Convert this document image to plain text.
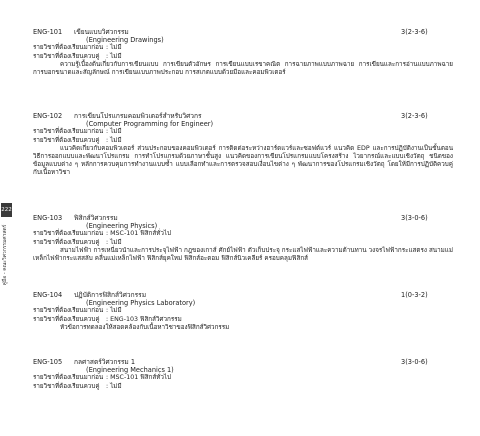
222
คู่มือ - คณะวิศวกรรมศาสตร์
ENG-101	เขียนแบบวิศวกรรม
(Engineering Drawings)
3(2-3-6)
รายวิชาที่ต้องเรียนมาก่อน : ไม่มี
รายวิชาที่ต้องเรียนควบคู่ : ไม่มี
ความรู้เบื้องต้นเกี่ยวกับการเขียนแบบ การเขียนตัวอักษร การเขียนแบบเรขาคณิต การฉายภาพแบบภาพฉาย การเขียนและการอ่านแบบภาพฉาย การบอกขนาดและสัญลักษณ์ การเขียนแบบภาพประกอบ การสเกตแบบด้วยมือและคอมพิวเตอร์
ENG-102	การเขียนโปรแกรมคอมพิวเตอร์สำหรับวิศวกร
(Computer Programming for Engineer)
3(2-3-6)
รายวิชาที่ต้องเรียนมาก่อน : ไม่มี
รายวิชาที่ต้องเรียนควบคู่ : ไม่มี
แนวคิดเกี่ยวกับคอมพิวเตอร์ ส่วนประกอบของคอมพิวเตอร์ การติดต่อระหว่างฮาร์ดแวร์และซอฟต์แวร์ แนวคิด EDP และการปฏิบัติงานเป็นขั้นตอน วิธีการออกแบบและพัฒนาโปรแกรม การทำโปรแกรมด้วยภาษาชั้นสูง แนวคิดของการเขียนโปรแกรมแบบโครงสร้าง ไวยากรณ์และแบบเชิงวัตถุ ชนิดของข้อมูลแบบต่าง ๆ หลักการควบคุมการทำงานแบบซ้ำ แบบเลือกทำและการตรวจสอบเงื่อนไขต่าง ๆ พัฒนาการของโปรแกรมเชิงวัตถุ โดยให้มีการปฏิบัติควบคู่กับเนื้อหาวิชา
ENG-103	ฟิสิกส์วิศวกรรม
(Engineering Physics)
3(3-0-6)
รายวิชาที่ต้องเรียนมาก่อน : MSC-101 ฟิสิกส์ทั่วไป
รายวิชาที่ต้องเรียนควบคู่ : ไม่มี
สนามไฟฟ้า การเหนี่ยวนำและการประจุไฟฟ้า กฎของเกาส์ ศักย์ไฟฟ้า ตัวเก็บประจุ กระแสไฟฟ้าและความต้านทาน วงจรไฟฟ้ากระแสตรง สนามแม่เหล็กไฟฟ้ากระแสสลับ คลื่นแม่เหล็กไฟฟ้า ฟิสิกส์ยุคใหม่ ฟิสิกส์อะตอม ฟิสิกส์นิวเคลียร์ ครอบคลุมฟิสิกส์
ENG-104	ปฏิบัติการฟิสิกส์วิศวกรรม
(Engineering Physics Laboratory)
1(0-3-2)
รายวิชาที่ต้องเรียนมาก่อน : ไม่มี
รายวิชาที่ต้องเรียนควบคู่ : ENG-103 ฟิสิกส์วิศวกรรม
หัวข้อการทดลองให้สอดคล้องกับเนื้อหาวิชาของฟิสิกส์วิศวกรรม
ENG-105	กลศาสตร์วิศวกรรม 1
(Engineering Mechanics 1)
3(3-0-6)
รายวิชาที่ต้องเรียนมาก่อน : MSC-101 ฟิสิกส์ทั่วไป
รายวิชาที่ต้องเรียนควบคู่ : ไม่มี
